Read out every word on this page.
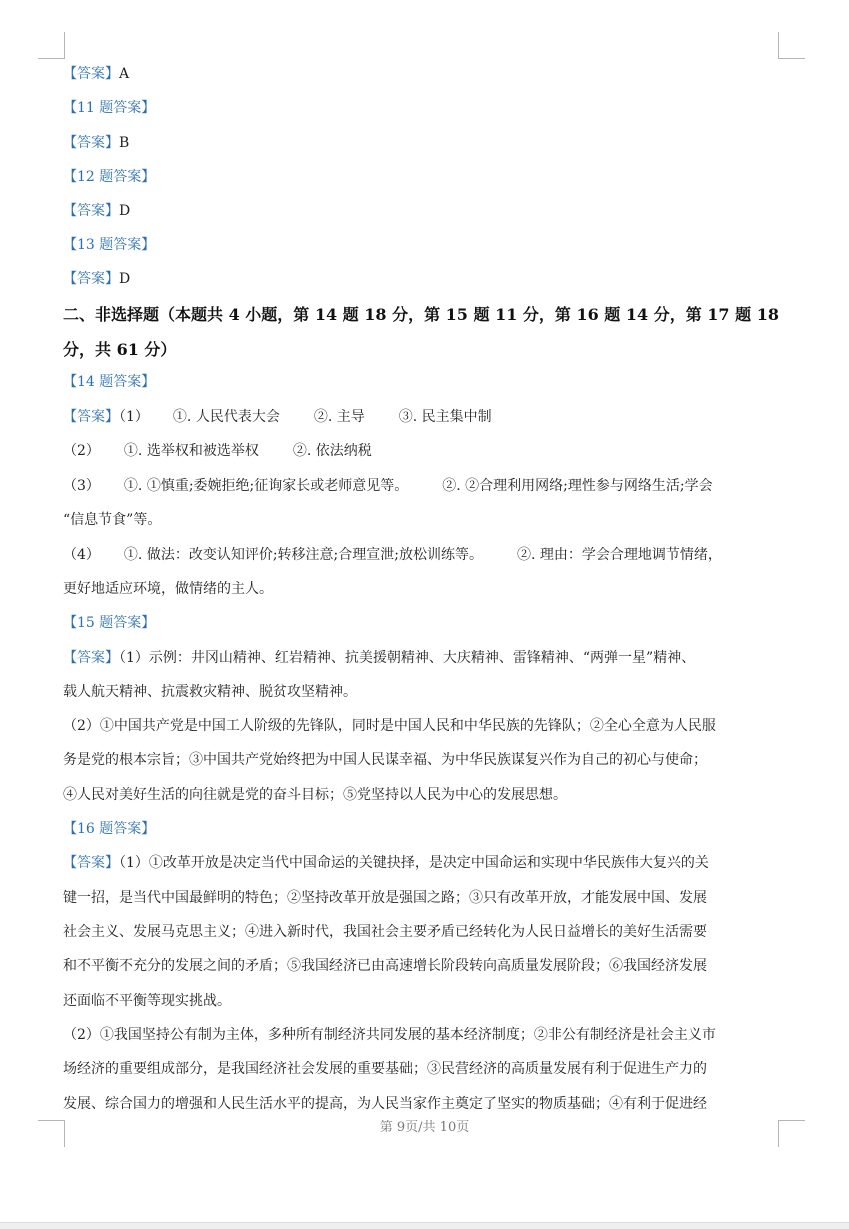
【答案】A
【11 题答案】
【答案】B
【12 题答案】
【答案】D
【13 题答案】
【答案】D
二、非选择题（本题共 4 小题，第 14 题 18 分，第 15 题 11 分，第 16 题 14 分，第 17 题 18
分，共 61 分）
【14 题答案】
【答案】（1） ①. 人民代表大会 ②. 主导 ③. 民主集中制
（2） ①. 选举权和被选举权 ②. 依法纳税
（3） ①. ①慎重;委婉拒绝;征询家长或老师意见等。 ②. ②合理利用网络;理性参与网络生活;学会
“信息节食”等。
（4） ①. 做法：改变认知评价;转移注意;合理宣泄;放松训练等。 ②. 理由：学会合理地调节情绪，
更好地适应环境，做情绪的主人。
【15 题答案】
【答案】（1）示例：井冈山精神、红岩精神、抗美援朝精神、大庆精神、雷锋精神、“两弹一星”精神、
载人航天精神、抗震救灾精神、脱贫攻坚精神。
（2）①中国共产党是中国工人阶级的先锋队，同时是中国人民和中华民族的先锋队；②全心全意为人民服
务是党的根本宗旨；③中国共产党始终把为中国人民谋幸福、为中华民族谋复兴作为自己的初心与使命；
④人民对美好生活的向往就是党的奋斗目标；⑤党坚持以人民为中心的发展思想。
【16 题答案】
【答案】（1）①改革开放是决定当代中国命运的关键抉择，是决定中国命运和实现中华民族伟大复兴的关
键一招，是当代中国最鲜明的特色；②坚持改革开放是强国之路；③只有改革开放，才能发展中国、发展
社会主义、发展马克思主义；④进入新时代，我国社会主要矛盾已经转化为人民日益增长的美好生活需要
和不平衡不充分的发展之间的矛盾；⑤我国经济已由高速增长阶段转向高质量发展阶段；⑥我国经济发展
还面临不平衡等现实挑战。
（2）①我国坚持公有制为主体，多种所有制经济共同发展的基本经济制度；②非公有制经济是社会主义市
场经济的重要组成部分，是我国经济社会发展的重要基础；③民营经济的高质量发展有利于促进生产力的
发展、综合国力的增强和人民生活水平的提高，为人民当家作主奠定了坚实的物质基础；④有利于促进经
第 9页/共 10页
